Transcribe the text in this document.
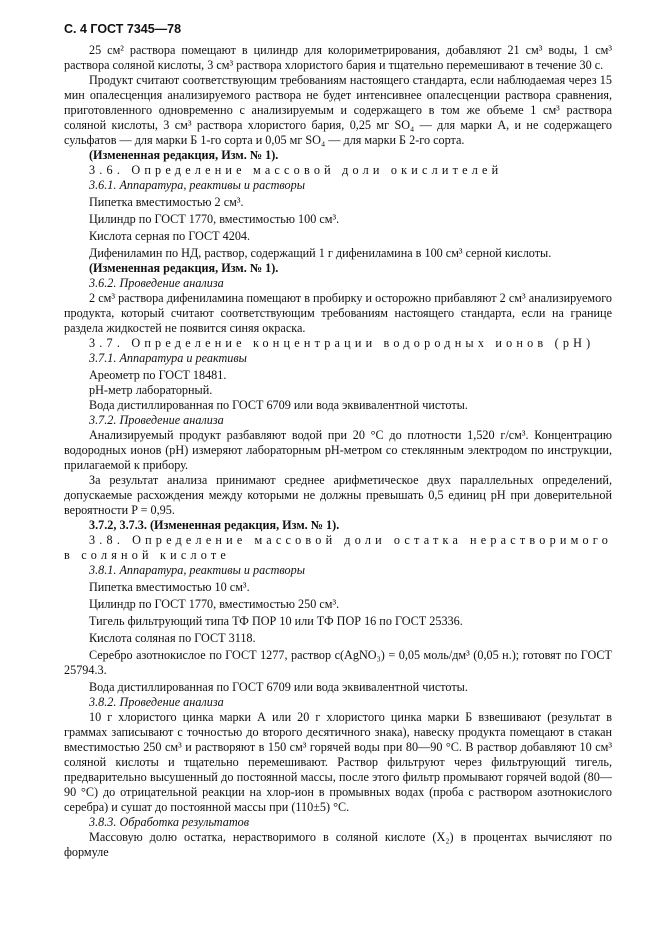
С. 4 ГОСТ 7345—78

25 см² раствора помещают в цилиндр для колориметрирования, добавляют 21 см³ воды, 1 см³ раствора соляной кислоты, 3 см³ раствора хлористого бария и тщательно перемешивают в течение 30 с.

Продукт считают соответствующим требованиям настоящего стандарта, если наблюдаемая через 15 мин опалесценция анализируемого раствора не будет интенсивнее опалесценции раствора сравнения, приготовленного одновременно с анализируемым и содержащего в том же объеме 1 см³ раствора соляной кислоты, 3 см³ раствора хлористого бария, 0,25 мг SO₄ — для марки А, и не содержащего сульфатов — для марки Б 1-го сорта и 0,05 мг SO₄ — для марки Б 2-го сорта.

(Измененная редакция, Изм. № 1).

3.6. Определение массовой доли окислителей

3.6.1. Аппаратура, реактивы и растворы

Пипетка вместимостью 2 см³.

Цилиндр по ГОСТ 1770, вместимостью 100 см³.

Кислота серная по ГОСТ 4204.

Дифениламин по НД, раствор, содержащий 1 г дифениламина в 100 см³ серной кислоты.

(Измененная редакция, Изм. № 1).

3.6.2. Проведение анализа

2 см³ раствора дифениламина помещают в пробирку и осторожно прибавляют 2 см³ анализируемого продукта, который считают соответствующим требованиям настоящего стандарта, если на границе раздела жидкостей не появится синяя окраска.

3.7. Определение концентрации водородных ионов (pH)

3.7.1. Аппаратура и реактивы

Ареометр по ГОСТ 18481.

pH-метр лабораторный.

Вода дистиллированная по ГОСТ 6709 или вода эквивалентной чистоты.

3.7.2. Проведение анализа

Анализируемый продукт разбавляют водой при 20 °С до плотности 1,520 г/см³. Концентрацию водородных ионов (pH) измеряют лабораторным pH-метром со стеклянным электродом по инструкции, прилагаемой к прибору.

За результат анализа принимают среднее арифметическое двух параллельных определений, допускаемые расхождения между которыми не должны превышать 0,5 единиц pH при доверительной вероятности P = 0,95.

3.7.2, 3.7.3. (Измененная редакция, Изм. № 1).

3.8. Определение массовой доли остатка нерастворимого в соляной кислоте

3.8.1. Аппаратура, реактивы и растворы

Пипетка вместимостью 10 см³.

Цилиндр по ГОСТ 1770, вместимостью 250 см³.

Тигель фильтрующий типа ТФ ПОР 10 или ТФ ПОР 16 по ГОСТ 25336.

Кислота соляная по ГОСТ 3118.

Серебро азотнокислое по ГОСТ 1277, раствор c(AgNO₃) = 0,05 моль/дм³ (0,05 н.); готовят по ГОСТ 25794.3.

Вода дистиллированная по ГОСТ 6709 или вода эквивалентной чистоты.

3.8.2. Проведение анализа

10 г хлористого цинка марки А или 20 г хлористого цинка марки Б взвешивают (результат в граммах записывают с точностью до второго десятичного знака), навеску продукта помещают в стакан вместимостью 250 см³ и растворяют в 150 см³ горячей воды при 80—90 °С. В раствор добавляют 10 см³ соляной кислоты и тщательно перемешивают. Раствор фильтруют через фильтрующий тигель, предварительно высушенный до постоянной массы, после этого фильтр промывают горячей водой (80—90 °С) до отрицательной реакции на хлор-ион в промывных водах (проба с раствором азотнокислого серебра) и сушат до постоянной массы при (110±5) °С.

3.8.3. Обработка результатов

Массовую долю остатка, нерастворимого в соляной кислоте (X₂) в процентах вычисляют по формуле
